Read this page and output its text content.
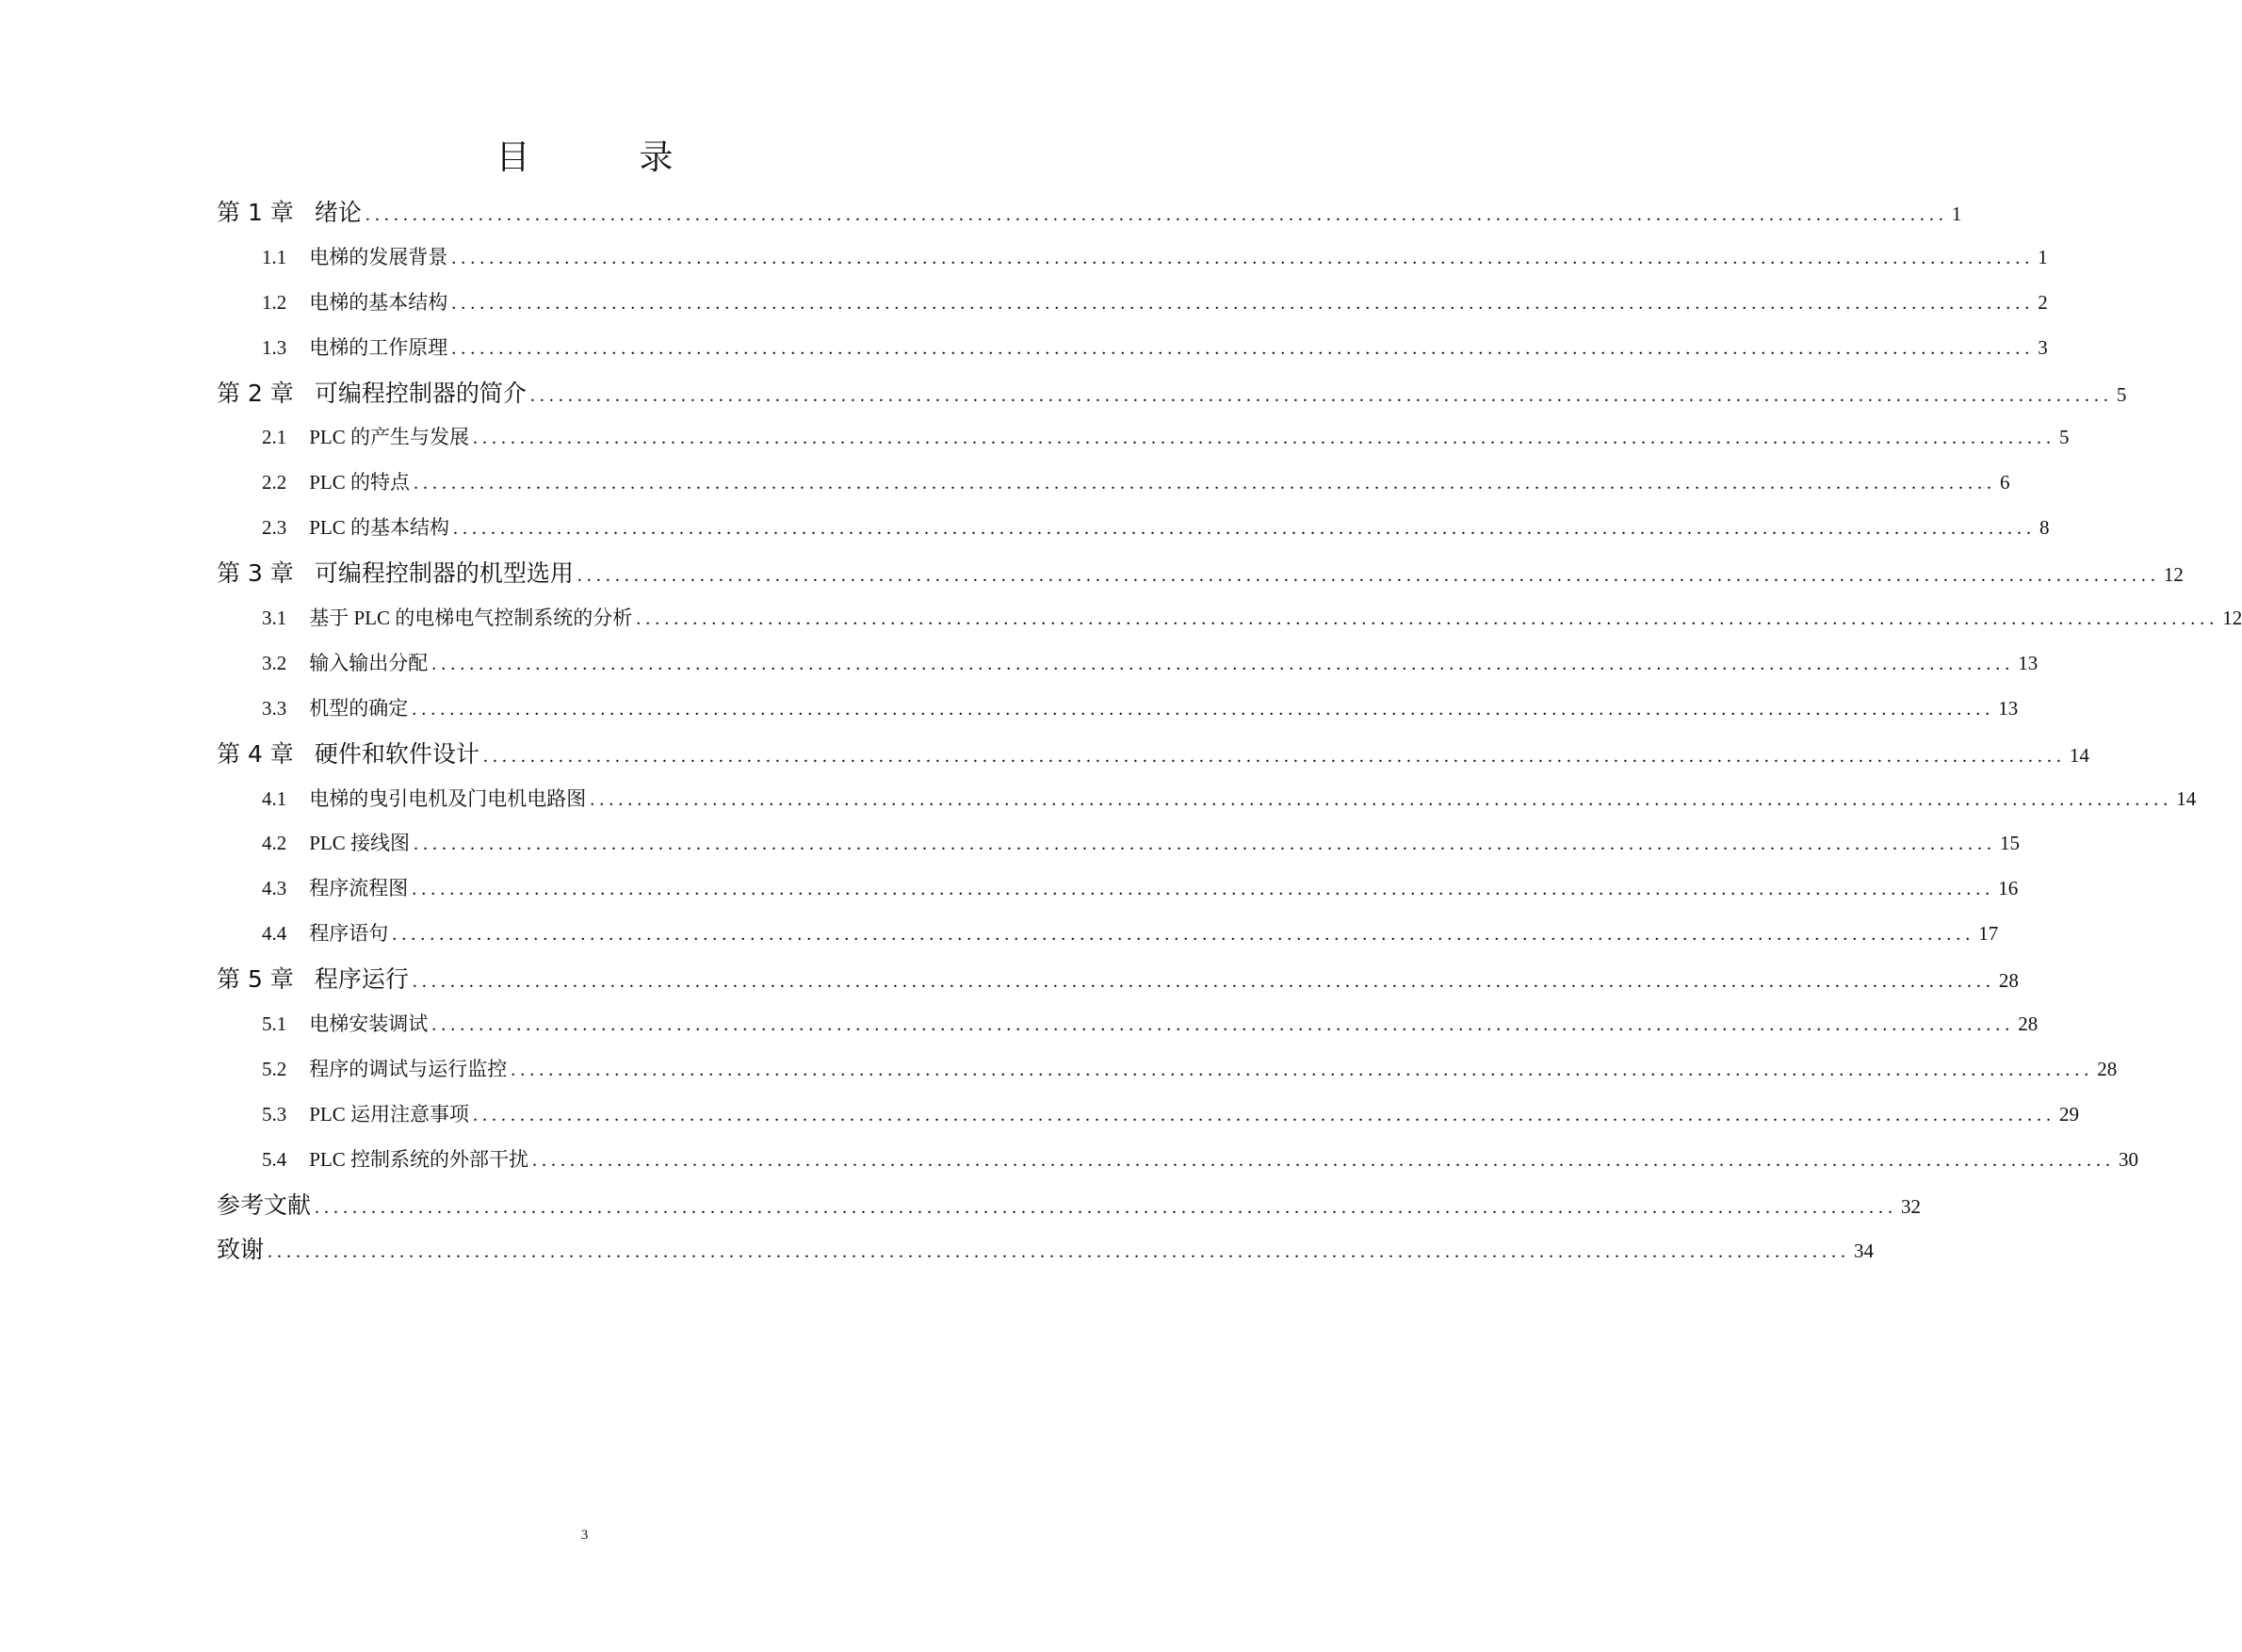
目　录
第 1 章 绪论 ........................................................................................................................................................................ 1
1.1 电梯的发展背景 ........................................................................................................................................................................ 1
1.2 电梯的基本结构 ........................................................................................................................................................................ 2
1.3 电梯的工作原理 ........................................................................................................................................................................ 3
第 2 章 可编程控制器的简介 ........................................................................................................................................................................ 5
2.1 PLC 的产生与发展 ........................................................................................................................................................................ 5
2.2 PLC 的特点 ........................................................................................................................................................................ 6
2.3 PLC 的基本结构 ........................................................................................................................................................................ 8
第 3 章 可编程控制器的机型选用 ........................................................................................................................................................................ 12
3.1 基于 PLC 的电梯电气控制系统的分析 ........................................................................................................................................................................ 12
3.2 输入输出分配 ........................................................................................................................................................................ 13
3.3 机型的确定 ........................................................................................................................................................................ 13
第 4 章 硬件和软件设计 ........................................................................................................................................................................ 14
4.1 电梯的曳引电机及门电机电路图 ........................................................................................................................................................................ 14
4.2 PLC 接线图 ........................................................................................................................................................................ 15
4.3 程序流程图 ........................................................................................................................................................................ 16
4.4 程序语句 ........................................................................................................................................................................ 17
第 5 章 程序运行 ........................................................................................................................................................................ 28
5.1 电梯安装调试 ........................................................................................................................................................................ 28
5.2 程序的调试与运行监控 ........................................................................................................................................................................ 28
5.3 PLC 运用注意事项 ........................................................................................................................................................................ 29
5.4 PLC 控制系统的外部干扰 ........................................................................................................................................................................ 30
参考文献 ........................................................................................................................................................................ 32
致谢 ........................................................................................................................................................................ 34
3
